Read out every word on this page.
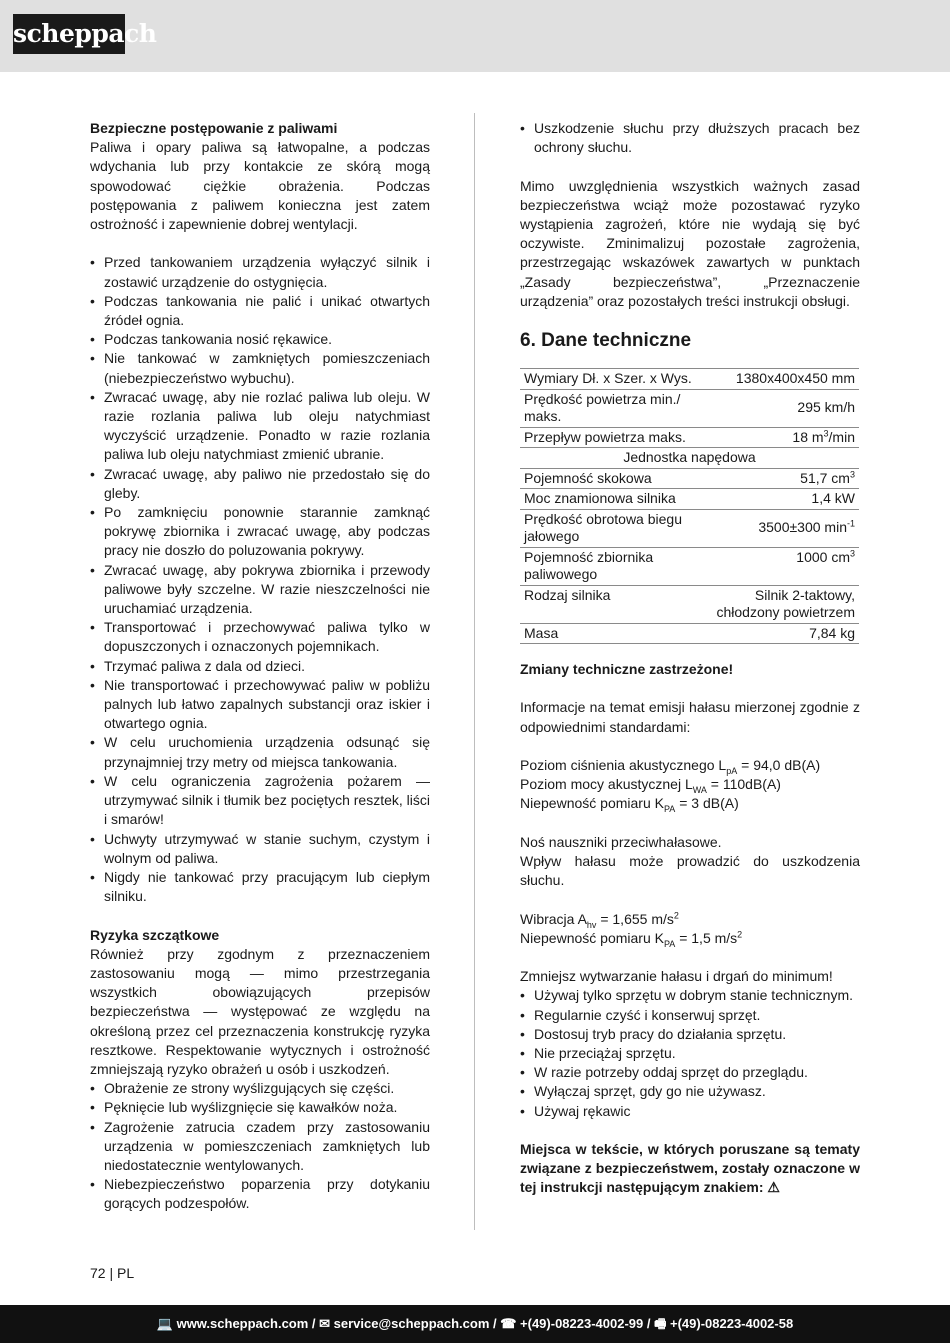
scheppach
Bezpieczne postępowanie z paliwami

Paliwa i opary paliwa są łatwopalne, a podczas wdychania lub przy kontakcie ze skórą mogą spowodować ciężkie obrażenia. Podczas postępowania z paliwem konieczna jest zatem ostrożność i zapewnienie dobrej wentylacji.

• Przed tankowaniem urządzenia wyłączyć silnik i zostawić urządzenie do ostygnięcia.
• Podczas tankowania nie palić i unikać otwartych źródeł ognia.
• Podczas tankowania nosić rękawice.
• Nie tankować w zamkniętych pomieszczeniach (niebezpieczeństwo wybuchu).
• Zwracać uwagę, aby nie rozlać paliwa lub oleju. W razie rozlania paliwa lub oleju natychmiast wyczyścić urządzenie. Ponadto w razie rozlania paliwa lub oleju natychmiast zmienić ubranie.
• Zwracać uwagę, aby paliwo nie przedostało się do gleby.
• Po zamknięciu ponownie starannie zamknąć pokrywę zbiornika i zwracać uwagę, aby podczas pracy nie doszło do poluzowania pokrywy.
• Zwracać uwagę, aby pokrywa zbiornika i przewody paliwowe były szczelne. W razie nieszczelności nie uruchamiać urządzenia.
• Transportować i przechowywać paliwa tylko w dopuszczonych i oznaczonych pojemnikach.
• Trzymać paliwa z dala od dzieci.
• Nie transportować i przechowywać paliw w pobliżu palnych lub łatwo zapalnych substancji oraz iskier i otwartego ognia.
• W celu uruchomienia urządzenia odsunąć się przynajmniej trzy metry od miejsca tankowania.
• W celu ograniczenia zagrożenia pożarem — utrzymywać silnik i tłumik bez pociętych resztek, liści i smarów!
• Uchwyty utrzymywać w stanie suchym, czystym i wolnym od paliwa.
• Nigdy nie tankować przy pracującym lub ciepłym silniku.
Ryzyka szczątkowe

Również przy zgodnym z przeznaczeniem zastosowaniu mogą — mimo przestrzegania wszystkich obowiązujących przepisów bezpieczeństwa — występować ze względu na określoną przez cel przeznaczenia konstrukcję ryzyka resztkowe. Respektowanie wytycznych i ostrożność zmniejszają ryzyko obrażeń u osób i uszkodzeń.

• Obrażenie ze strony wyślizgujących się części.
• Pęknięcie lub wyślizgnięcie się kawałków noża.
• Zagrożenie zatrucia czadem przy zastosowaniu urządzenia w pomieszczeniach zamkniętych lub niedostatecznie wentylowanych.
• Niebezpieczeństwo poparzenia przy dotykaniu gorących podzespołów.
• Uszkodzenie słuchu przy dłuższych pracach bez ochrony słuchu.

Mimo uwzględnienia wszystkich ważnych zasad bezpieczeństwa wciąż może pozostawać ryzyko wystąpienia zagrożeń, które nie wydają się być oczywiste. Zminimalizuj pozostałe zagrożenia, przestrzegając wskazówek zawartych w punktach „Zasady bezpieczeństwa”, „Przeznaczenie urządzenia” oraz pozostałych treści instrukcji obsługi.

6. Dane techniczne
Wymiary Dł. x Szer. x Wys.	1380x400x450 mm
Prędkość powietrza min./ maks.	295 km/h
Przepływ powietrza maks.	18 $m^3/\min$
Jednostka napędowa	
Pojemność skokowa	51,7 $cm^3$
Moc znamionowa silnika	1,4 kW
Prędkość obrotowa biegu jałowego	3500±300 $\min^{-1}$
Pojemność zbiornika paliwowego	1000 $cm^3$
Rodzaj silnika	Silnik 2-taktowy, chłodzony powietrzem
Masa	7,84 kg

Zmiany techniczne zastrzeżone!

Informacje na temat emisji hałasu mierzonej zgodnie z odpowiednimi standardami:

Poziom ciśnienia akustycznego $L_{pA} = 94,0$ dB(A)
Poziom mocy akustycznej $L_{WA} = 110dB(A)$
Niepewność pomiaru $K_{PA} = 3$ dB(A)

Noś nauszniki przeciwhałasowe.

Wpływ hałasu może prowadzić do uszkodzenia słuchu.

Wibracja $A_{hv} = 1,655$ $m/s^2$
Niepewność pomiaru $K_{PA} = 1,5$ $m/s^2$

Zmniejsz wytwarzanie hałasu i drgań do minimum!

• Używaj tylko sprzętu w dobrym stanie technicznym.
• Regularnie czyść i konserwuj sprzęt.
• Dostosuj tryb pracy do działania sprzętu.
• Nie przeciążaj sprzętu.
• W razie potrzeby oddaj sprzęt do przeglądu.
• Wyłączaj sprzęt, gdy go nie używasz.
• Używaj rękawic

Miejsca w tekście, w których poruszane są tematy związane z bezpieczeństwem, zostały oznaczone w tej instrukcji następującym znakiem: ⚠

72 | PL
💻 www.scheppach.com / ✉ service@scheppach.com / ☎ +(49)-08223-4002-99 / 🖷 +(49)-08223-4002-58
